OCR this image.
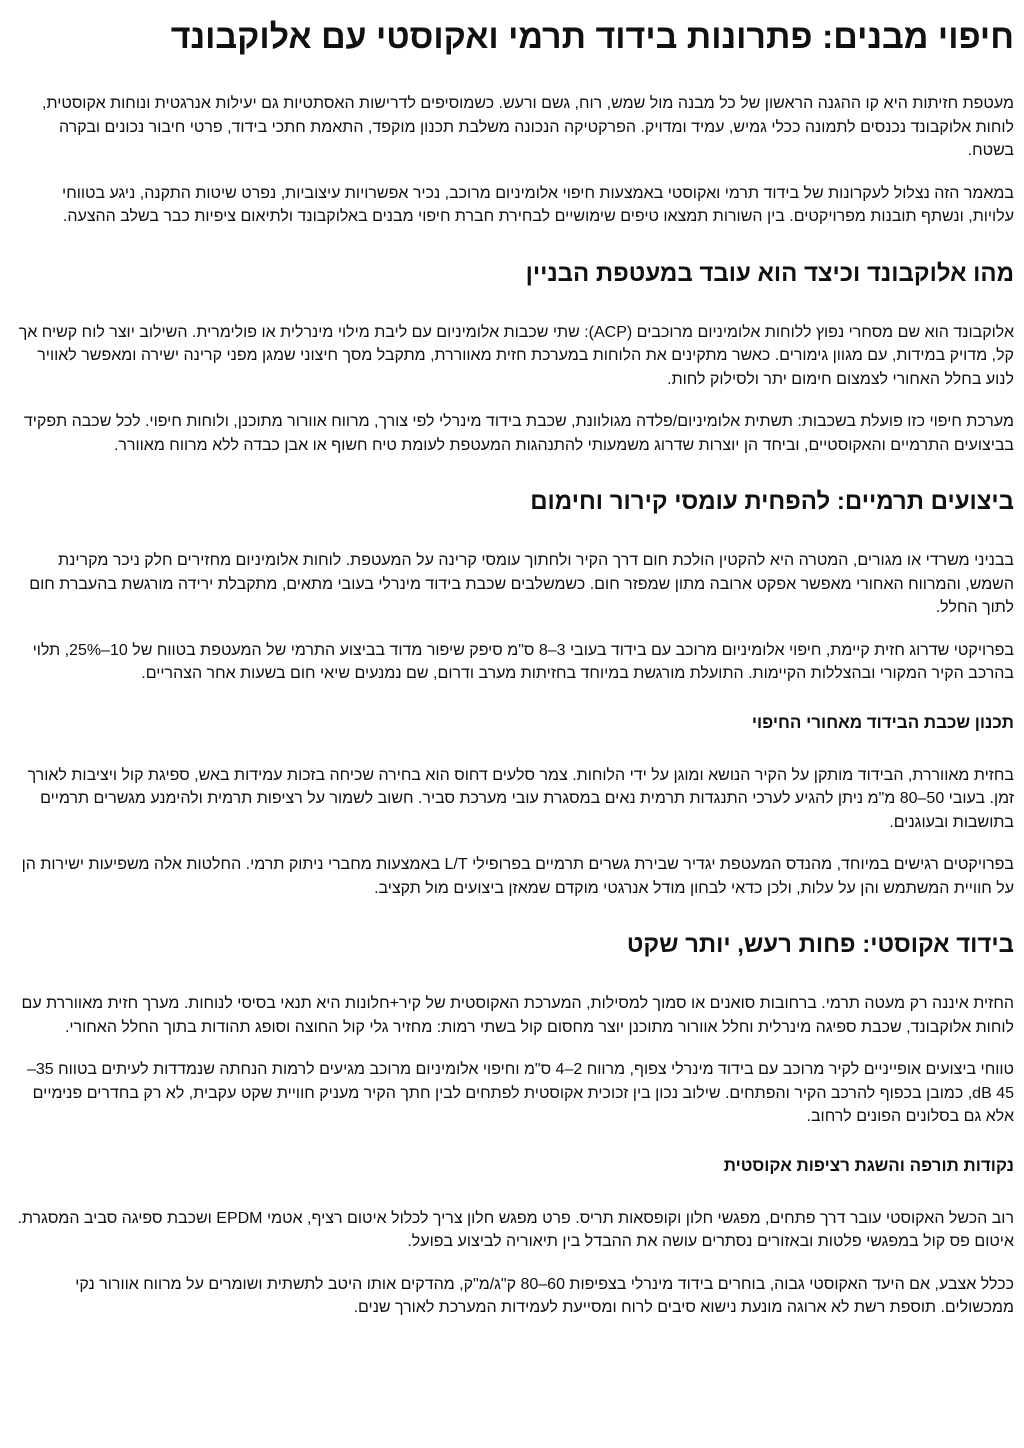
חיפוי מבנים: פתרונות בידוד תרמי ואקוסטי עם אלוקבונד

מעטפת חזיתות היא קו ההגנה הראשון של כל מבנה מול שמש, רוח, גשם ורעש. כשמוסיפים לדרישות האסתטיות גם יעילות אנרגטית ונוחות אקוסטית, לוחות אלוקבונד נכנסים לתמונה ככלי גמיש, עמיד ומדויק. הפרקטיקה הנכונה משלבת תכנון מוקפד, התאמת חתכי בידוד, פרטי חיבור נכונים ובקרה בשטח.

במאמר הזה נצלול לעקרונות של בידוד תרמי ואקוסטי באמצעות חיפוי אלומיניום מרוכב, נכיר אפשרויות עיצוביות, נפרט שיטות התקנה, ניגע בטווחי עלויות, ונשתף תובנות מפרויקטים. בין השורות תמצאו טיפים שימושיים לבחירת חברת חיפוי מבנים באלוקבונד ולתיאום ציפיות כבר בשלב ההצעה.

מהו אלוקבונד וכיצד הוא עובד במעטפת הבניין

אלוקבונד הוא שם מסחרי נפוץ ללוחות אלומיניום מרוכבים (ACP): שתי שכבות אלומיניום עם ליבת מילוי מינרלית או פולימרית. השילוב יוצר לוח קשיח אך קל, מדויק במידות, עם מגוון גימורים. כאשר מתקינים את הלוחות במערכת חזית מאווררת, מתקבל מסך חיצוני שמגן מפני קרינה ישירה ומאפשר לאוויר לנוע בחלל האחורי לצמצום חימום יתר ולסילוק לחות.

מערכת חיפוי כזו פועלת בשכבות: תשתית אלומיניום/פלדה מגולוונת, שכבת בידוד מינרלי לפי צורך, מרווח אוורור מתוכנן, ולוחות חיפוי. לכל שכבה תפקיד בביצועים התרמיים והאקוסטיים, וביחד הן יוצרות שדרוג משמעותי להתנהגות המעטפת לעומת טיח חשוף או אבן כבדה ללא מרווח מאוורר.

ביצועים תרמיים: להפחית עומסי קירור וחימום

בבניני משרדי או מגורים, המטרה היא להקטין הולכת חום דרך הקיר ולחתוך עומסי קרינה על המעטפת. לוחות אלומיניום מחזירים חלק ניכר מקרינת השמש, והמרווח האחורי מאפשר אפקט ארובה מתון שמפזר חום. כשמשלבים שכבת בידוד מינרלי בעובי מתאים, מתקבלת ירידה מורגשת בהעברת חום לתוך החלל.

בפרויקטי שדרוג חזית קיימת, חיפוי אלומיניום מרוכב עם בידוד בעובי 3–8 ס"מ סיפק שיפור מדוד בביצוע התרמי של המעטפת בטווח של 10–25%, תלוי בהרכב הקיר המקורי ובהצללות הקיימות. התועלת מורגשת במיוחד בחזיתות מערב ודרום, שם נמנעים שיאי חום בשעות אחר הצהריים.

תכנון שכבת הבידוד מאחורי החיפוי

בחזית מאווררת, הבידוד מותקן על הקיר הנושא ומוגן על ידי הלוחות. צמר סלעים דחוס הוא בחירה שכיחה בזכות עמידות באש, ספיגת קול ויציבות לאורך זמן. בעובי 50–80 מ"מ ניתן להגיע לערכי התנגדות תרמית נאים במסגרת עובי מערכת סביר. חשוב לשמור על רציפות תרמית ולהימנע מגשרים תרמיים בתושבות ובעוגנים.

בפרויקטים רגישים במיוחד, מהנדס המעטפת יגדיר שבירת גשרים תרמיים בפרופילי L/T באמצעות מחברי ניתוק תרמי. החלטות אלה משפיעות ישירות הן על חוויית המשתמש והן על עלות, ולכן כדאי לבחון מודל אנרגטי מוקדם שמאזן ביצועים מול תקציב.

בידוד אקוסטי: פחות רעש, יותר שקט

החזית איננה רק מעטה תרמי. ברחובות סואנים או סמוך למסילות, המערכת האקוסטית של קיר+חלונות היא תנאי בסיסי לנוחות. מערך חזית מאווררת עם לוחות אלוקבונד, שכבת ספיגה מינרלית וחלל אוורור מתוכנן יוצר מחסום קול בשתי רמות: מחזיר גלי קול החוצה וסופג תהודות בתוך החלל האחורי.

טווחי ביצועים אופייניים לקיר מרוכב עם בידוד מינרלי צפוף, מרווח 2–4 ס"מ וחיפוי אלומיניום מרוכב מגיעים לרמות הנחתה שנמדדות לעיתים בטווח 35–45 dB, כמובן בכפוף להרכב הקיר והפתחים. שילוב נכון בין זכוכית אקוסטית לפתחים לבין חתך הקיר מעניק חוויית שקט עקבית, לא רק בחדרים פנימיים אלא גם בסלונים הפונים לרחוב.

נקודות תורפה והשגת רציפות אקוסטית

רוב הכשל האקוסטי עובר דרך פתחים, מפגשי חלון וקופסאות תריס. פרט מפגש חלון צריך לכלול איטום רציף, אטמי EPDM ושכבת ספיגה סביב המסגרת. איטום פס קול במפגשי פלטות ובאזורים נסתרים עושה את ההבדל בין תיאוריה לביצוע בפועל.

ככלל אצבע, אם היעד האקוסטי גבוה, בוחרים בידוד מינרלי בצפיפות 60–80 ק"ג/מ"ק, מהדקים אותו היטב לתשתית ושומרים על מרווח אוורור נקי ממכשולים. תוספת רשת לא ארוגה מונעת נישוא סיבים לרוח ומסייעת לעמידות המערכת לאורך שנים.
